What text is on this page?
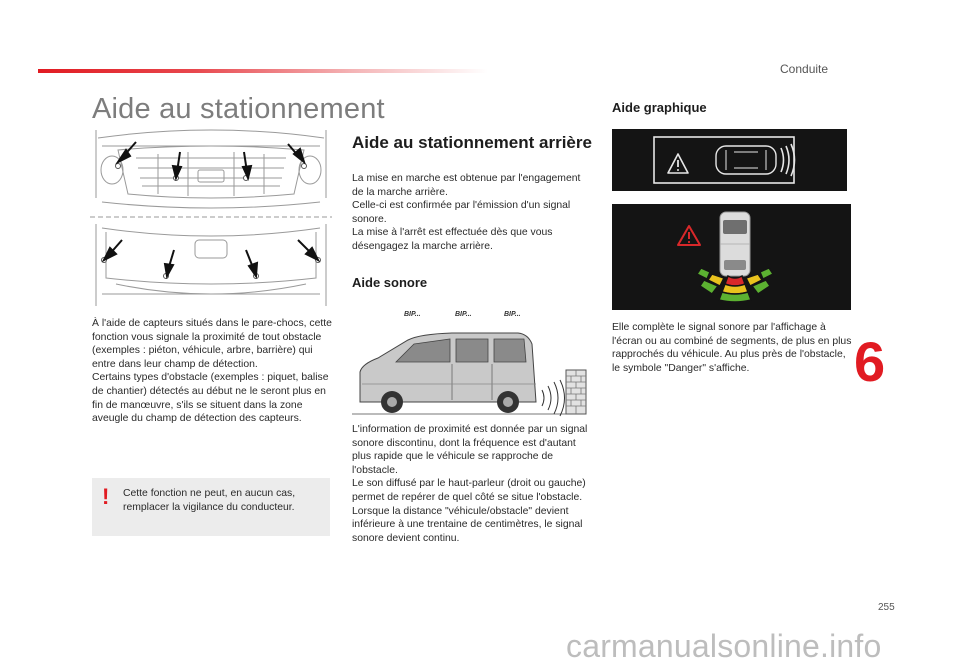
Conduite
255
6
Aide au stationnement
À l'aide de capteurs situés dans le pare-chocs, cette fonction vous signale la proximité de tout obstacle (exemples : piéton, véhicule, arbre, barrière) qui entre dans leur champ de détection.
Certains types d'obstacle (exemples : piquet, balise de chantier) détectés au début ne le seront plus en fin de manœuvre, s'ils se situent dans la zone aveugle du champ de détection des capteurs.
! Cette fonction ne peut, en aucun cas, remplacer la vigilance du conducteur.
Aide au stationnement arrière
La mise en marche est obtenue par l'engagement de la marche arrière.
Celle-ci est confirmée par l'émission d'un signal sonore.
La mise à l'arrêt est effectuée dès que vous désengagez la marche arrière.
Aide sonore
BIP...	BIP...	BIP...
L'information de proximité est donnée par un signal sonore discontinu, dont la fréquence est d'autant plus rapide que le véhicule se rapproche de l'obstacle.
Le son diffusé par le haut-parleur (droit ou gauche) permet de repérer de quel côté se situe l'obstacle.
Lorsque la distance "véhicule/obstacle" devient inférieure à une trentaine de centimètres, le signal sonore devient continu.
Aide graphique
Elle complète le signal sonore par l'affichage à l'écran ou au combiné de segments, de plus en plus rapprochés du véhicule. Au plus près de l'obstacle, le symbole "Danger" s'affiche.
carmanualsonline.info
